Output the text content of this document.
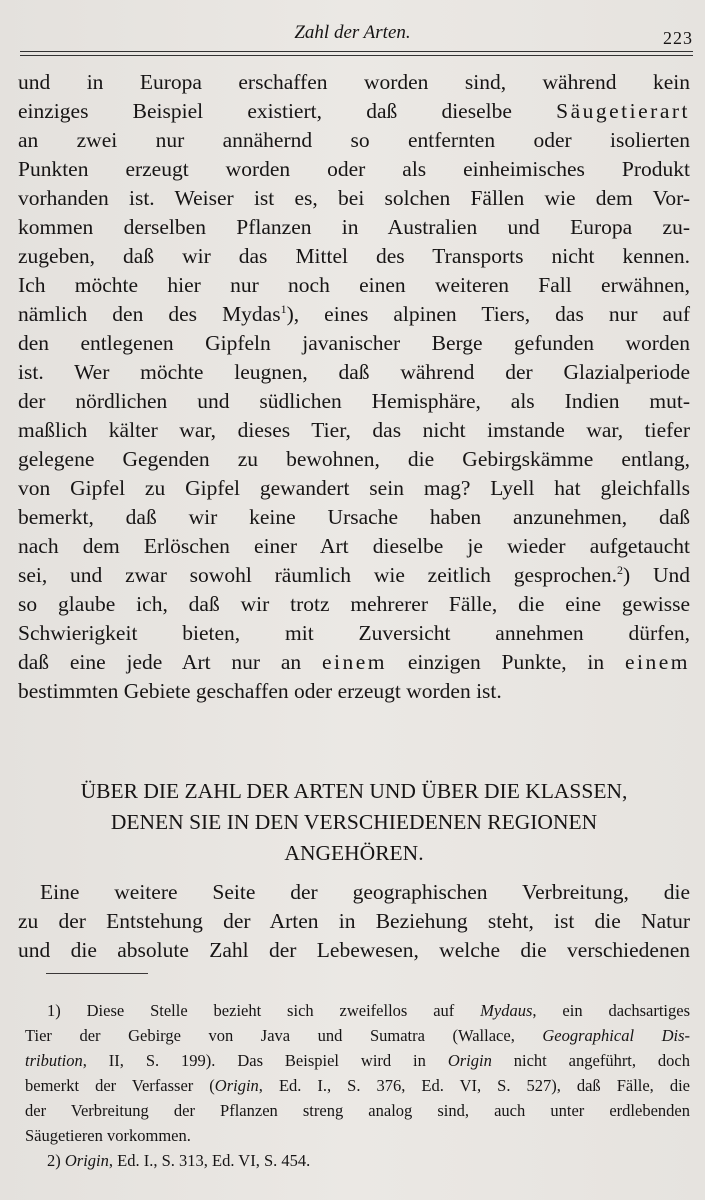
Zahl der Arten.	223
und in Europa erschaffen worden sind, während kein
einziges Beispiel existiert, daß dieselbe Säugetierart
an zwei nur annähernd so entfernten oder isolierten
Punkten erzeugt worden oder als einheimisches Produkt
vorhanden ist. Weiser ist es, bei solchen Fällen wie dem Vor-
kommen derselben Pflanzen in Australien und Europa zu-
zugeben, daß wir das Mittel des Transports nicht kennen.
Ich möchte hier nur noch einen weiteren Fall erwähnen,
nämlich den des Mydas$^1$), eines alpinen Tiers, das nur auf
den entlegenen Gipfeln javanischer Berge gefunden worden
ist. Wer möchte leugnen, daß während der Glazialperiode
der nördlichen und südlichen Hemisphäre, als Indien mut-
maßlich kälter war, dieses Tier, das nicht imstande war, tiefer
gelegene Gegenden zu bewohnen, die Gebirgskämme entlang,
von Gipfel zu Gipfel gewandert sein mag? Lyell hat gleichfalls
bemerkt, daß wir keine Ursache haben anzunehmen, daß
nach dem Erlöschen einer Art dieselbe je wieder aufgetaucht
sei, und zwar sowohl räumlich wie zeitlich gesprochen.$^2$) Und
so glaube ich, daß wir trotz mehrerer Fälle, die eine gewisse
Schwierigkeit bieten, mit Zuversicht annehmen dürfen,
daß eine jede Art nur an einem einzigen Punkte, in einem
bestimmten Gebiete geschaffen oder erzeugt worden ist.
ÜBER DIE ZAHL DER ARTEN UND ÜBER DIE KLASSEN,
DENEN SIE IN DEN VERSCHIEDENEN REGIONEN
ANGEHÖREN.
Eine weitere Seite der geographischen Verbreitung, die
zu der Entstehung der Arten in Beziehung steht, ist die Natur
und die absolute Zahl der Lebewesen, welche die verschiedenen
1) Diese Stelle bezieht sich zweifellos auf Mydaus, ein dachsartiges
Tier der Gebirge von Java und Sumatra (Wallace, Geographical Dis-
tribution, II, S. 199). Das Beispiel wird in Origin nicht angeführt, doch
bemerkt der Verfasser (Origin, Ed. I., S. 376, Ed. VI, S. 527), daß Fälle, die
der Verbreitung der Pflanzen streng analog sind, auch unter erdlebenden
Säugetieren vorkommen.
2) Origin, Ed. I., S. 313, Ed. VI, S. 454.
